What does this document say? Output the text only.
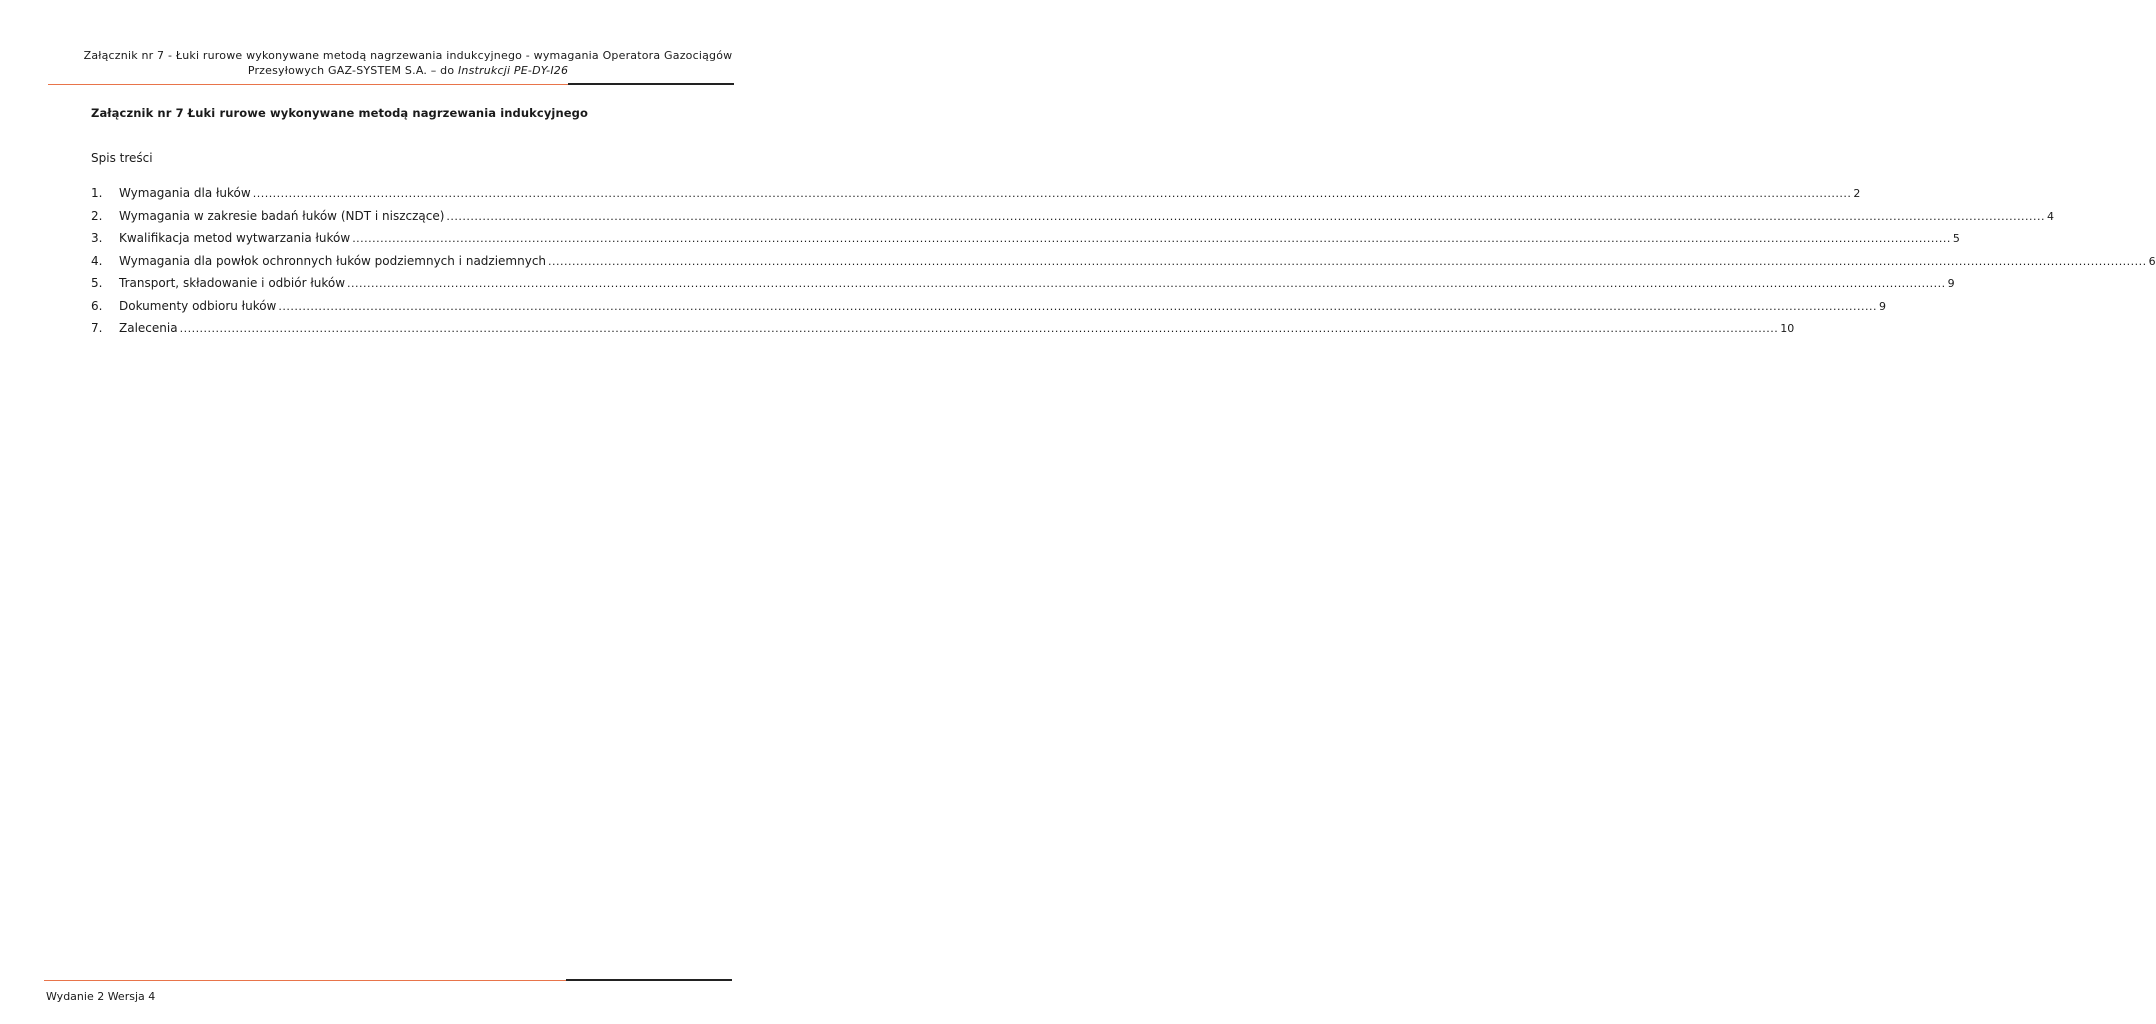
Załącznik nr 7 - Łuki rurowe wykonywane metodą nagrzewania indukcyjnego - wymagania Operatora Gazociągów
Przesyłowych GAZ-SYSTEM S.A. – do Instrukcji PE-DY-I26
Załącznik nr 7 Łuki rurowe wykonywane metodą nagrzewania indukcyjnego
Spis treści
1.	Wymagania dla łuków ................................................................................................................................................................................................................................................................................................................................................................................................................ 2
2.	Wymagania w zakresie badań łuków (NDT i niszczące) ................................................................................................................................................................................................................................................................................................................................................................................................................ 4
3.	Kwalifikacja metod wytwarzania łuków ................................................................................................................................................................................................................................................................................................................................................................................................................ 5
4.	Wymagania dla powłok ochronnych łuków podziemnych i nadziemnych ................................................................................................................................................................................................................................................................................................................................................................................................................ 6
5.	Transport, składowanie i odbiór łuków ................................................................................................................................................................................................................................................................................................................................................................................................................ 9
6.	Dokumenty odbioru łuków ................................................................................................................................................................................................................................................................................................................................................................................................................ 9
7.	Zalecenia ................................................................................................................................................................................................................................................................................................................................................................................................................ 10
Wydanie 2 Wersja 4
